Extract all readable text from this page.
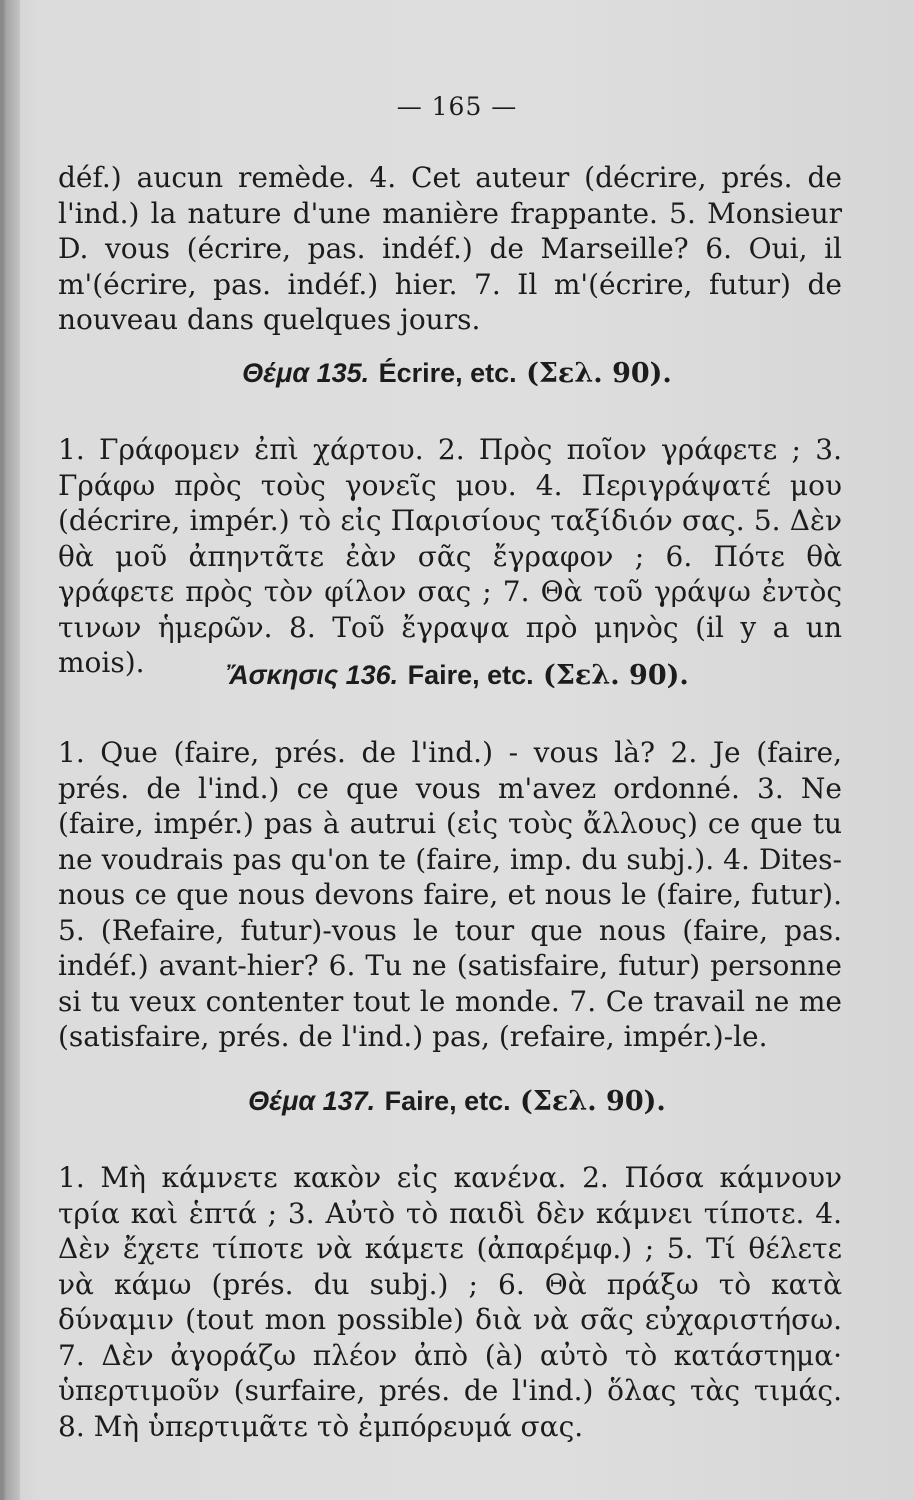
— 165 —

déf.) aucun remède. 4. Cet auteur (décrire, prés. de l'ind.) la nature d'une manière frappante. 5. Monsieur D. vous (écrire, pas. indéf.) de Marseille? 6. Oui, il m'(écrire, pas. indéf.) hier. 7. Il m'(écrire, futur) de nouveau dans quelques jours.

Θέμα 135. Écrire, etc. (Σελ. 90).

1. Γράφομεν ἐπὶ χάρτου. 2. Πρὸς ποῖον γράφετε ; 3. Γράφω πρὸς τοὺς γονεῖς μου. 4. Περιγράψατέ μου (décrire, impér.) τὸ εἰς Παρισίους ταξίδιόν σας. 5. Δὲν θὰ μοῦ ἀπηντᾶτε ἐὰν σᾶς ἔγραφον ; 6. Πότε θὰ γράφετε πρὸς τὸν φίλον σας ; 7. Θὰ τοῦ γράψω ἐντὸς τινων ἡμερῶν. 8. Τοῦ ἔγραψα πρὸ μηνὸς (il y a un mois).	Ἄσκησις 136. Faire, etc. (Σελ. 90).

1. Que (faire, prés. de l'ind.) - vous là? 2. Je (faire, prés. de l'ind.) ce que vous m'avez ordonné. 3. Ne (faire, impér.) pas à autrui (εἰς τοὺς ἄλλους) ce que tu ne voudrais pas qu'on te (faire, imp. du subj.). 4. Dites-nous ce que nous devons faire, et nous le (faire, futur). 5. (Refaire, futur)-vous le tour que nous (faire, pas. indéf.) avant-hier? 6. Tu ne (satisfaire, futur) personne si tu veux contenter tout le monde. 7. Ce travail ne me (satisfaire, prés. de l'ind.) pas, (refaire, impér.)-le.

Θέμα 137. Faire, etc. (Σελ. 90).

1. Μὴ κάμνετε κακὸν εἰς κανένα. 2. Πόσα κάμνουν τρία καὶ ἑπτά ; 3. Αὐτὸ τὸ παιδὶ δὲν κάμνει τίποτε. 4. Δὲν ἔχετε τίποτε νὰ κάμετε (ἀπαρέμφ.) ; 5. Τί θέλετε νὰ κάμω (prés. du subj.) ; 6. Θὰ πράξω τὸ κατὰ δύναμιν (tout mon possible) διὰ νὰ σᾶς εὐχαριστήσω. 7. Δὲν ἀγοράζω πλέον ἀπὸ (à) αὐτὸ τὸ κατάστημα· ὑπερτιμοῦν (surfaire, prés. de l'ind.) ὅλας τὰς τιμάς. 8. Μὴ ὑπερτιμᾶτε τὸ ἐμπόρευμά σας.
